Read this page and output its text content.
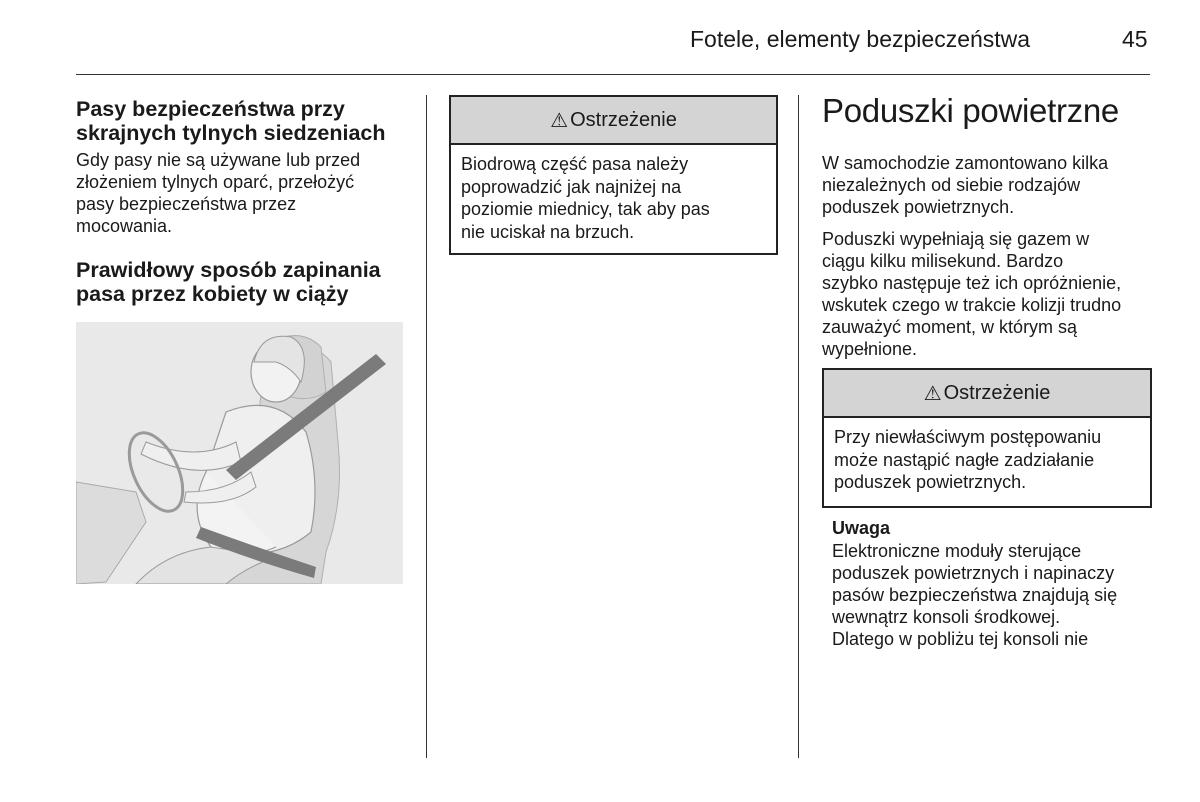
Fotele, elementy bezpieczeństwa	45
Pasy bezpieczeństwa przy
skrajnych tylnych siedzeniach
Gdy pasy nie są używane lub przed
złożeniem tylnych oparć, przełożyć
pasy bezpieczeństwa przez
mocowania.
Prawidłowy sposób zapinania
pasa przez kobiety w ciąży
⚠ Ostrzeżenie
Biodrową część pasa należy
poprowadzić jak najniżej na
poziomie miednicy, tak aby pas
nie uciskał na brzuch.
Poduszki powietrzne
W samochodzie zamontowano kilka
niezależnych od siebie rodzajów
poduszek powietrznych.
Poduszki wypełniają się gazem w
ciągu kilku milisekund. Bardzo
szybko następuje też ich opróżnienie,
wskutek czego w trakcie kolizji trudno
zauważyć moment, w którym są
wypełnione.
⚠ Ostrzeżenie
Przy niewłaściwym postępowaniu
może nastąpić nagłe zadziałanie
poduszek powietrznych.
Uwaga
Elektroniczne moduły sterujące
poduszek powietrznych i napinaczy
pasów bezpieczeństwa znajdują się
wewnątrz konsoli środkowej.
Dlatego w pobliżu tej konsoli nie
